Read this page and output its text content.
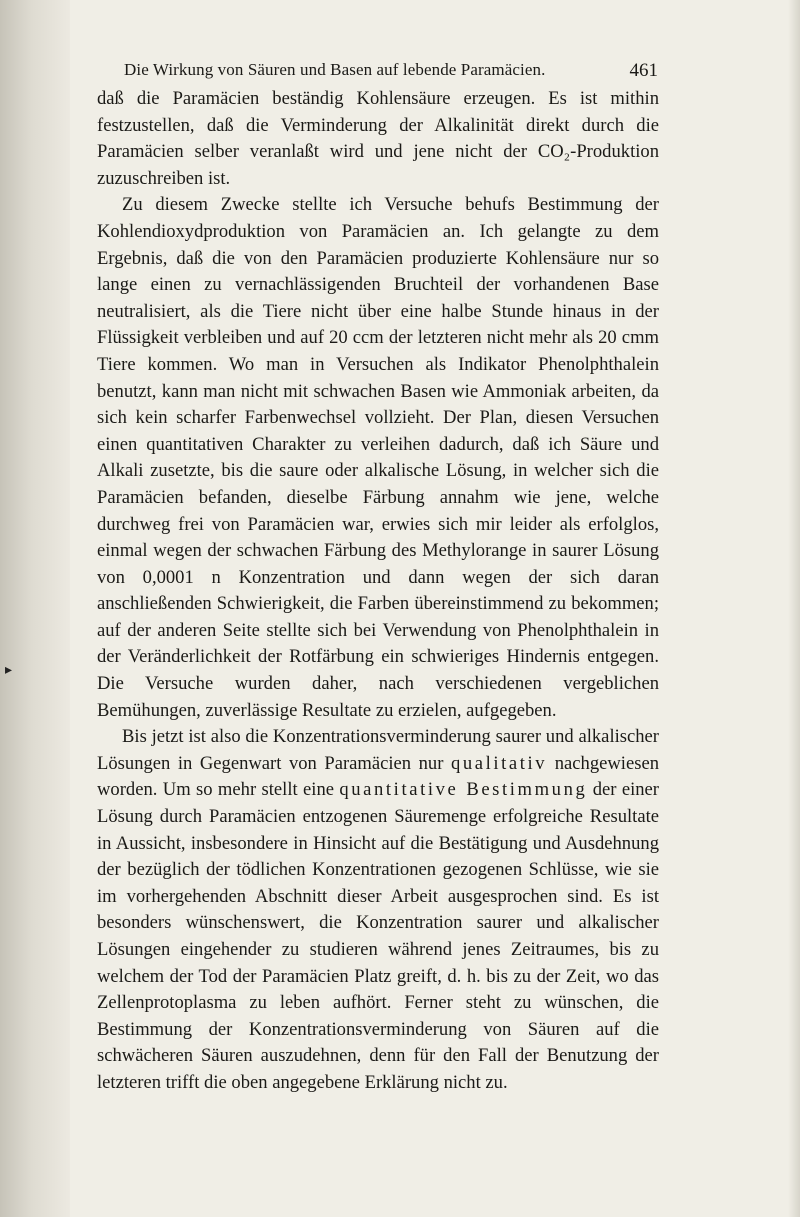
Die Wirkung von Säuren und Basen auf lebende Paramäcien.	461
▸

daß die Paramäcien beständig Kohlensäure erzeugen. Es ist mithin festzustellen, daß die Verminderung der Alkalinität direkt durch die Paramäcien selber veranlaßt wird und jene nicht der CO₂-Produktion zuzuschreiben ist.

Zu diesem Zwecke stellte ich Versuche behufs Bestimmung der Kohlendioxydproduktion von Paramäcien an. Ich gelangte zu dem Ergebnis, daß die von den Paramäcien produzierte Kohlensäure nur so lange einen zu vernachlässigenden Bruchteil der vorhandenen Base neutralisiert, als die Tiere nicht über eine halbe Stunde hinaus in der Flüssigkeit verbleiben und auf 20 ccm der letzteren nicht mehr als 20 cmm Tiere kommen. Wo man in Versuchen als Indikator Phenolphthalein benutzt, kann man nicht mit schwachen Basen wie Ammoniak arbeiten, da sich kein scharfer Farbenwechsel vollzieht. Der Plan, diesen Versuchen einen quantitativen Charakter zu verleihen dadurch, daß ich Säure und Alkali zusetzte, bis die saure oder alkalische Lösung, in welcher sich die Paramäcien befanden, dieselbe Färbung annahm wie jene, welche durchweg frei von Paramäcien war, erwies sich mir leider als erfolglos, einmal wegen der schwachen Färbung des Methylorange in saurer Lösung von 0,0001 n Konzentration und dann wegen der sich daran anschließenden Schwierigkeit, die Farben übereinstimmend zu bekommen; auf der anderen Seite stellte sich bei Verwendung von Phenolphthalein in der Veränderlichkeit der Rotfärbung ein schwieriges Hindernis entgegen. Die Versuche wurden daher, nach verschiedenen vergeblichen Bemühungen, zuverlässige Resultate zu erzielen, aufgegeben.

Bis jetzt ist also die Konzentrationsverminderung saurer und alkalischer Lösungen in Gegenwart von Paramäcien nur qualitativ nachgewiesen worden. Um so mehr stellt eine quantitative Bestimmung der einer Lösung durch Paramäcien entzogenen Säuremenge erfolgreiche Resultate in Aussicht, insbesondere in Hinsicht auf die Bestätigung und Ausdehnung der bezüglich der tödlichen Konzentrationen gezogenen Schlüsse, wie sie im vorhergehenden Abschnitt dieser Arbeit ausgesprochen sind. Es ist besonders wünschenswert, die Konzentration saurer und alkalischer Lösungen eingehender zu studieren während jenes Zeitraumes, bis zu welchem der Tod der Paramäcien Platz greift, d. h. bis zu der Zeit, wo das Zellenprotoplasma zu leben aufhört. Ferner steht zu wünschen, die Bestimmung der Konzentrationsverminderung von Säuren auf die schwächeren Säuren auszudehnen, denn für den Fall der Benutzung der letzteren trifft die oben angegebene Erklärung nicht zu.
